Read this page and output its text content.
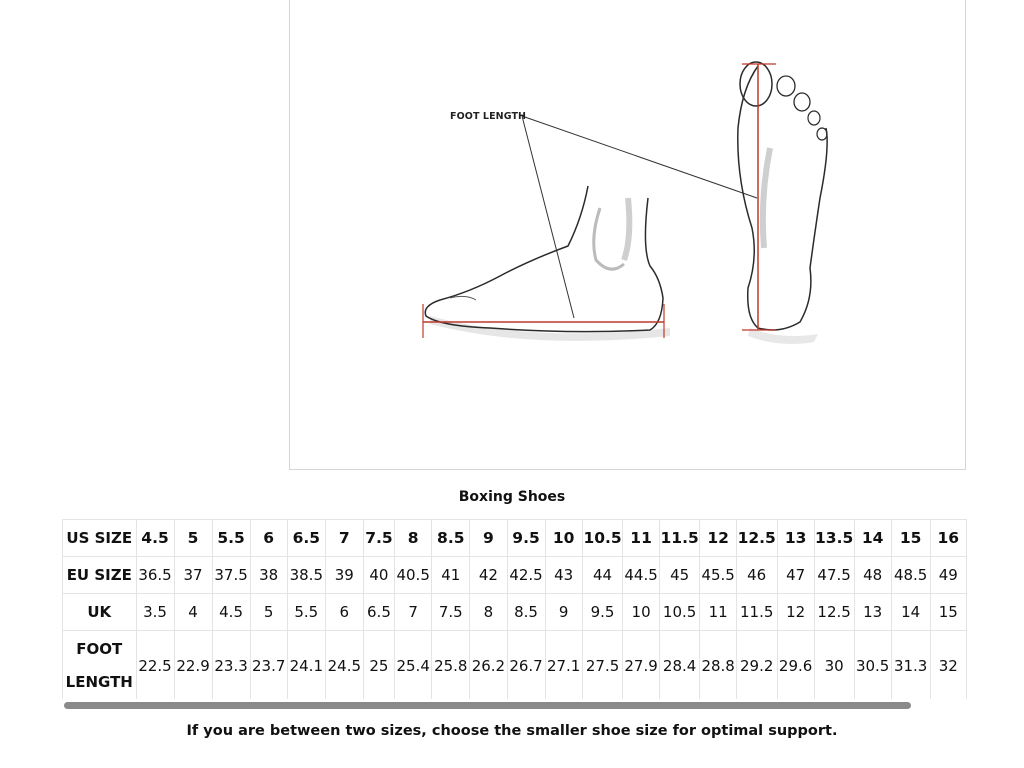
FOOT LENGTH
Boxing Shoes
US SIZE	4.5	5	5.5	6	6.5	7	7.5	8	8.5	9	9.5	10	10.5	11	11.5	12	12.5	13	13.5	14	15	16
EU SIZE	36.5	37	37.5	38	38.5	39	40	40.5	41	42	42.5	43	44	44.5	45	45.5	46	47	47.5	48	48.5	49
UK	3.5	4	4.5	5	5.5	6	6.5	7	7.5	8	8.5	9	9.5	10	10.5	11	11.5	12	12.5	13	14	15
FOOT LENGTH	22.5	22.9	23.3	23.7	24.1	24.5	25	25.4	25.8	26.2	26.7	27.1	27.5	27.9	28.4	28.8	29.2	29.6	30	30.5	31.3	32
If you are between two sizes, choose the smaller shoe size for optimal support.
